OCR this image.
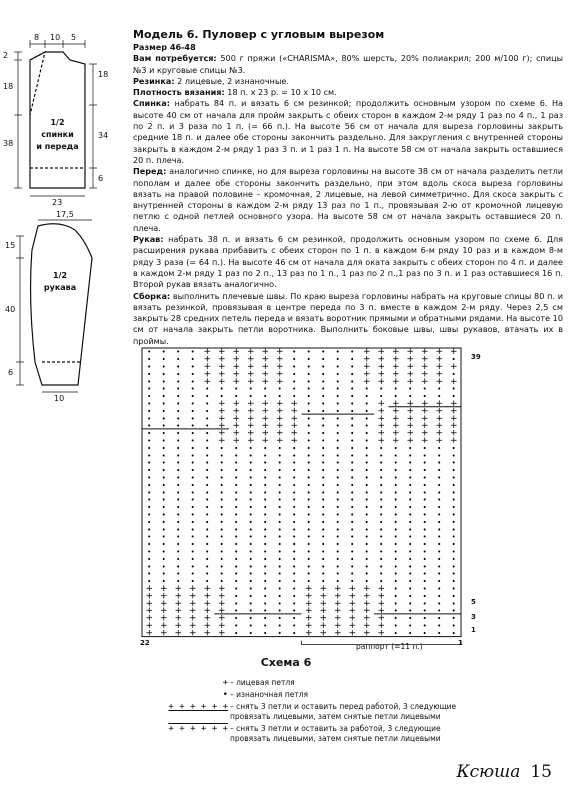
8 10 5
2
18
38
18
34
6
23
1/2
спинки
и переда
17,5
15
40
6
10
1/2
рукава
Модель 6. Пуловер с угловым вырезом

Размер 46-48

Вам потребуется: 500 г пряжи («CHARISMA», 80% шерсть, 20% полиакрил; 200 м/100 г); спицы №3 и круговые спицы №3.

Резинка: 2 лицевые, 2 изнаночные.

Плотность вязания: 18 п. х 23 р. = 10 х 10 см.

Спинка: набрать 84 п. и вязать 6 см резинкой; продолжить основным узором по схеме 6. На высоте 40 см от начала для пройм закрыть с обеих сторон в каждом 2-м ряду 1 раз по 4 п., 1 раз по 2 п. и 3 раза по 1 п. (= 66 п.). На высоте 56 см от начала для выреза горловины закрыть средние 18 п. и далее обе стороны закончить раздельно. Для закругления с внутренней стороны закрыть в каждом 2-м ряду 1 раз 3 п. и 1 раз 1 п. На высоте 58 см от начала закрыть оставшиеся 20 п. плеча.

Перед: аналогично спинке, но для выреза горловины на высоте 38 см от начала разделить петли пополам и далее обе стороны закончить раздельно, при этом вдоль скоса выреза горловины вязать на правой половине – кромочная, 2 лицевые, на левой симметрично. Для скоса закрыть с внутренней стороны в каждом 2-м ряду 13 раз по 1 п., провязывая 2-ю от кромочной лицевую петлю с одной петлей основного узора. На высоте 58 см от начала закрыть оставшиеся 20 п. плеча.

Рукав: набрать 38 п. и вязать 6 см резинкой, продолжить основным узором по схеме 6. Для расширения рукава прибавить с обеих сторон по 1 п. в каждом 6-м ряду 10 раз и в каждом 8-м ряду 3 раза (= 64 п.). На высоте 46 см от начала для оката закрыть с обеих сторон по 4 п. и далее в каждом 2-м ряду 1 раз по 2 п., 13 раз по 1 п., 1 раз по 2 п.,1 раз по 3 п. и 1 раз оставшиеся 16 п. Второй рукав вязать аналогично.

Сборка: выполнить плечевые швы. По краю выреза горловины набрать на круговые спицы 80 п. и вязать резинкой, провязывая в центре переда по 3 п. вместе в каждом 2-м ряду. Через 2,5 см закрыть 28 средних петель переда и вязать воротник прямыми и обратными рядами. На высоте 10 см от начала закрыть петли воротника. Выполнить боковые швы, швы рукавов, втачать их в проймы.

•
•
•
•
•
+
+
+
+
+
+
•
•
•
•
•
+
+
+
+
+
+
•
•
•
•
•
+
+
+
+
+
+
•
•
•
•
•
+
+
+
+
+
+
•
•
•
•
•
+
+
+
+
+
+
•
•
•
•
•
+
+
+
+
+
+
•
•
•
•
•
+
+
+
+
+
+
•
•
•
•
•
+
+
+
+
+
+
•
•
•
•
•
+
+
+
+
+
+
•
•
•
•
•
+
+
+
+
+
+
•
•
•
•
•
+
+
+
+
+
+
•
•
•
•
•
+
+
+
+
+
+
•
•
•
•
•
+
+
+
+
+
+
•
•
•
•
•
+
+
+
+
+
+
•
•
•
•
•
•
•
•
•
•
•
•
•
•
•
•
•
•
•
•
•
•
•
•
•
•
•
•
•
•
•
•
•
•
•
•
•
•
•
•
•
•
•
•
•
•
•
•
•
•
•
•
•
•
•
•
•
•
•
•
•
•
•
•
•
•
•
•
•
•
•
•
•
•
•
•
•
•
•
•
•
•
•
•
•
•
•
•
•
•
•
•
•
•
•
•
•
•
•
•
•
•
•
•
•
•
•
•
•
•
•
•
•
•
•
•
•
•
•
•
•
•
•
•
•
•
•
•
•
•
•
•
•
•
•
•
•
•
•
•
•
•
•
•
•
•
•
•
•
•
•
•
•
•
•
•
•
•
•
•
•
•
•
•
•
•
•
•
•
•
•
•
•
•
•
•
•
•
•
•
•
•
•
•
•
•
•
•
•
•
•
•
•
•
•
•
•
•
•
•
•
•
•
•
•
•
•
•
•
•
•
•
•
•
•
•
•
•
•
•
•
•
•
•
•
•
•
•
•
•
•
•
•
•
•
•
•
•
•
•
•
•
•
•
•
•
•
•
•
•
•
•
•
•
•
•
•
•
•
•
•
•
•
•
•
•
•
•
•
•
•
•
•
•
•
•
•
•
•
•
•
•
•
•
•
•
•
•
•
•
•
•
•
•
•
•
•
•
•
•
•
•
•
•
•
•
•
•
•
•
•
•
•
•
•
•
•
•
•
•
•
•
•
•
•
•
•
•
•
•
•
•
•
•
•
•
•
•
•
•
•
•
•
•
•
•
•
•
•
•
•
•
•
•
•
•
•
•
•
•
•
•
•
•
•
•
•
•
•
•
•
•
•
•
•
•
•
•
•
•
•
•
•
•
•
•
•
•
•
•
•
•
•
•
•
•
•
•
•
•
•
•
•
•
•
•
•
•
•
•
•
•
•
•
•
•
•
•
+
+
+
+
+
+
•
•
•
•
•
+
+
+
+
+
+
•
•
•
•
•
+
+
+
+
+
+
•
•
•
•
•
+
+
+
+
+
+
•
•
•
•
•
+
+
+
+
+
+
•
•
•
•
•
+
+
+
+
+
+
•
•
•
•
•
+
+
+
+
+
+
•
•
•
•
•
+
+
+
+
+
+
•
•
•
•
•
+
+
+
+
+
+
•
•
•
•
•
+
+
+
+
+
+
•
•
•
•
•
+
+
+
+
+
+
•
•
•
•
•
+
+
+
+
+
+
•
•
•
•
•
•
•
•
•
•
•
•
•
•
•
•
•
•
•
•
•
•
•
•
•
•
•
•
•
•
•
•
•
•
•
•
•
•
•
•
•
•
•
•
•
•
•
•
•
+
+
+
+
+
+
+
•
•
•
•
•
+
+
+
+
+
+
•
•
•
•
•
+
+
+
+
+
+
•
•
•
•
•
+
+
+
+
+
+
•
•
•
•
+
+
+
+
+
+
+
•
•
•
•
•
+
+
+
+
+
+
•
•
•
•
•
+
+
+
+
+
+
•
•
•
•
•
+
+
+
+
+
+
•
•
•
•
+
+
+
+
+
+
+
•
•
•
•
•
+
+
+
+
+
+
•
•
•
•
39
5
3
1
22	1
раппорт (=11 п.)
Схема 6
+ – лицевая петля
• – изнаночная петля
+ + + + + + – снять 3 петли и оставить перед работой, 3 следующие провязать лицевыми, затем снятые петли лицевыми
+ + + + + + – снять 3 петли и оставить за работой, 3 следующие провязать лицевыми, затем снятые петли лицевыми
Ксюша 15
